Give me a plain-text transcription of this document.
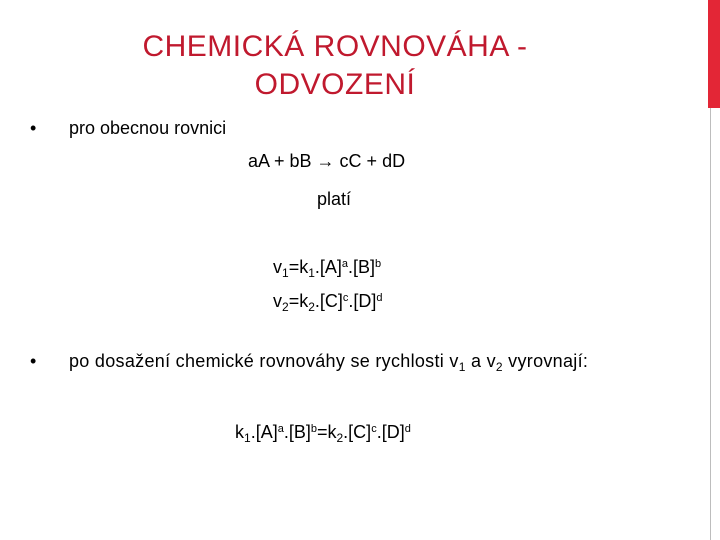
CHEMICKÁ ROVNOVÁHA -
ODVOZENÍ
• pro obecnou rovnici
aA + bB → cC + dD
platí
$v_1=k_1.[A]^a.[B]^b$
$v_2=k_2.[C]^c.[D]^d$
• po dosažení chemické rovnováhy se rychlosti $v_1$ a $v_2$ vyrovnají:
$k_1.[A]^a.[B]^b=k_2.[C]^c.[D]^d$
